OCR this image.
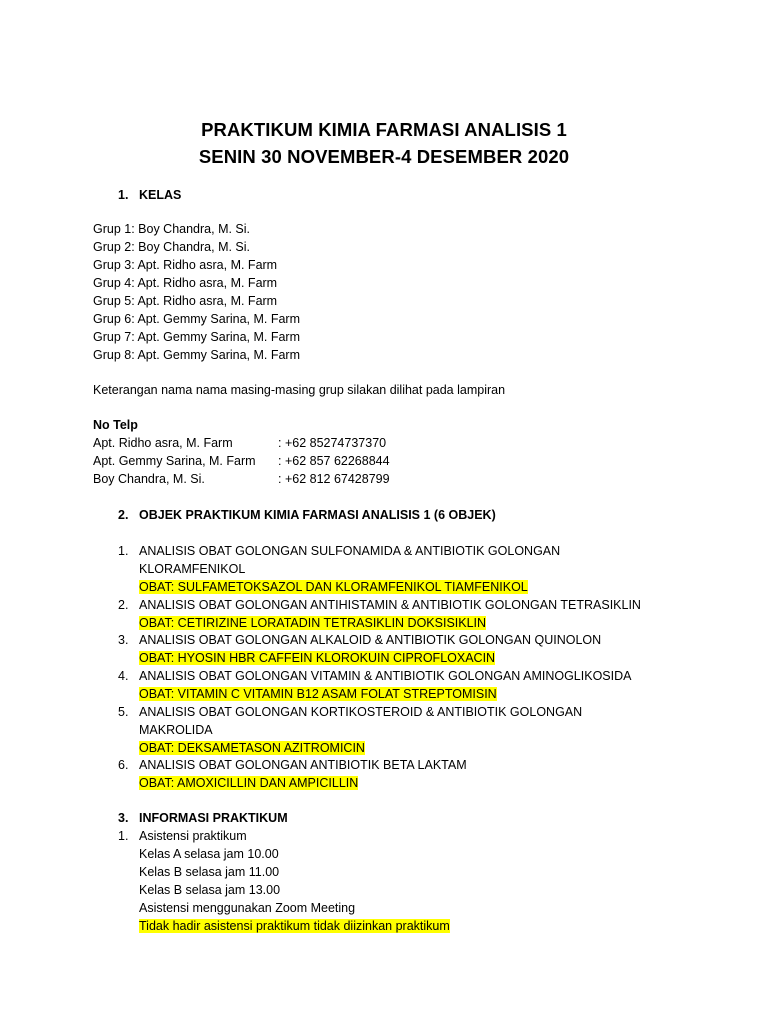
PRAKTIKUM KIMIA FARMASI ANALISIS 1
SENIN 30 NOVEMBER-4 DESEMBER 2020
1. KELAS
Grup 1: Boy Chandra, M. Si.
Grup 2: Boy Chandra, M. Si.
Grup 3: Apt. Ridho asra, M. Farm
Grup 4: Apt. Ridho asra, M. Farm
Grup 5: Apt. Ridho asra, M. Farm
Grup 6: Apt. Gemmy Sarina, M. Farm
Grup 7: Apt. Gemmy Sarina, M. Farm
Grup 8: Apt. Gemmy Sarina, M. Farm
Keterangan nama nama masing-masing grup silakan dilihat pada lampiran
No Telp
Apt. Ridho asra, M. Farm	: +62 85274737370
Apt. Gemmy Sarina, M. Farm : +62 857 62268844
Boy Chandra, M. Si.	: +62 812 67428799
2. OBJEK PRAKTIKUM KIMIA FARMASI ANALISIS 1 (6 OBJEK)
1. ANALISIS OBAT GOLONGAN SULFONAMIDA & ANTIBIOTIK GOLONGAN
KLORAMFENIKOL
OBAT: SULFAMETOKSAZOL DAN KLORAMFENIKOL TIAMFENIKOL
2. ANALISIS OBAT GOLONGAN ANTIHISTAMIN & ANTIBIOTIK GOLONGAN TETRASIKLIN
OBAT: CETIRIZINE LORATADIN TETRASIKLIN DOKSISIKLIN
3. ANALISIS OBAT GOLONGAN ALKALOID & ANTIBIOTIK GOLONGAN QUINOLON
OBAT: HYOSIN HBR CAFFEIN KLOROKUIN CIPROFLOXACIN
4. ANALISIS OBAT GOLONGAN VITAMIN & ANTIBIOTIK GOLONGAN AMINOGLIKOSIDA
OBAT: VITAMIN C VITAMIN B12 ASAM FOLAT STREPTOMISIN
5. ANALISIS OBAT GOLONGAN KORTIKOSTEROID & ANTIBIOTIK GOLONGAN
MAKROLIDA
OBAT: DEKSAMETASON AZITROMICIN
6. ANALISIS OBAT GOLONGAN ANTIBIOTIK BETA LAKTAM
OBAT: AMOXICILLIN DAN AMPICILLIN
3. INFORMASI PRAKTIKUM
1. Asistensi praktikum
Kelas A selasa jam 10.00
Kelas B selasa jam 11.00
Kelas B selasa jam 13.00
Asistensi menggunakan Zoom Meeting
Tidak hadir asistensi praktikum tidak diizinkan praktikum
